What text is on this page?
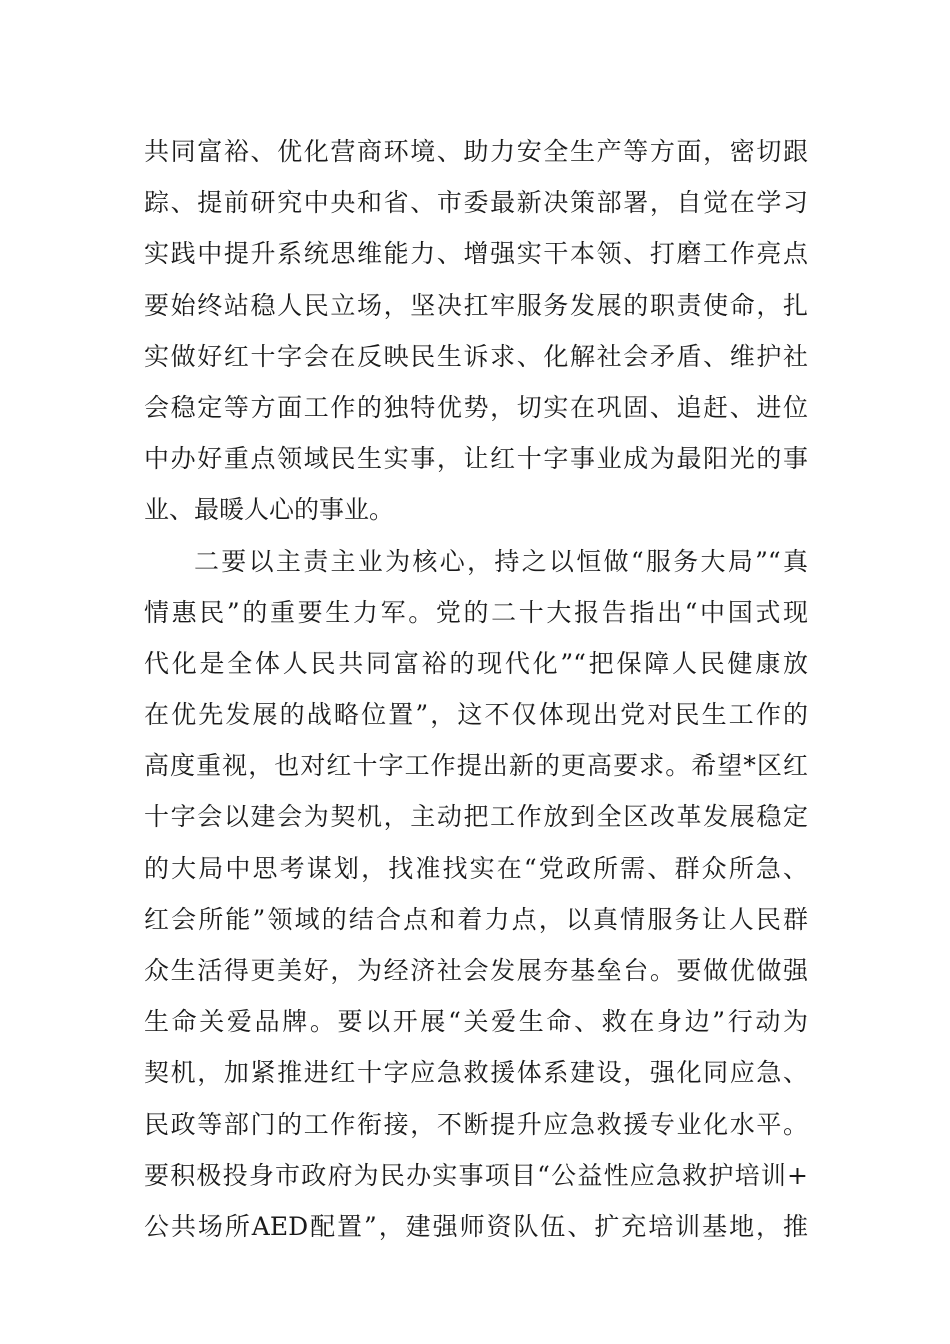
共同富裕、优化营商环境、助力安全生产等方面，密切跟
踪、提前研究中央和省、市委最新决策部署，自觉在学习
实践中提升系统思维能力、增强实干本领、打磨工作亮点
要始终站稳人民立场，坚决扛牢服务发展的职责使命，扎
实做好红十字会在反映民生诉求、化解社会矛盾、维护社
会稳定等方面工作的独特优势，切实在巩固、追赶、进位
中办好重点领域民生实事，让红十字事业成为最阳光的事
业、最暖人心的事业。
二要以主责主业为核心，持之以恒做“服务大局”“真
情惠民”的重要生力军。党的二十大报告指出“中国式现
代化是全体人民共同富裕的现代化”“把保障人民健康放
在优先发展的战略位置”，这不仅体现出党对民生工作的
高度重视，也对红十字工作提出新的更高要求。希望*区红
十字会以建会为契机，主动把工作放到全区改革发展稳定
的大局中思考谋划，找准找实在“党政所需、群众所急、
红会所能”领域的结合点和着力点，以真情服务让人民群
众生活得更美好，为经济社会发展夯基垒台。要做优做强
生命关爱品牌。要以开展“关爱生命、救在身边”行动为
契机，加紧推进红十字应急救援体系建设，强化同应急、
民政等部门的工作衔接，不断提升应急救援专业化水平。
要积极投身市政府为民办实事项目“公益性应急救护培训+
公共场所AED配置”，建强师资队伍、扩充培训基地，推
